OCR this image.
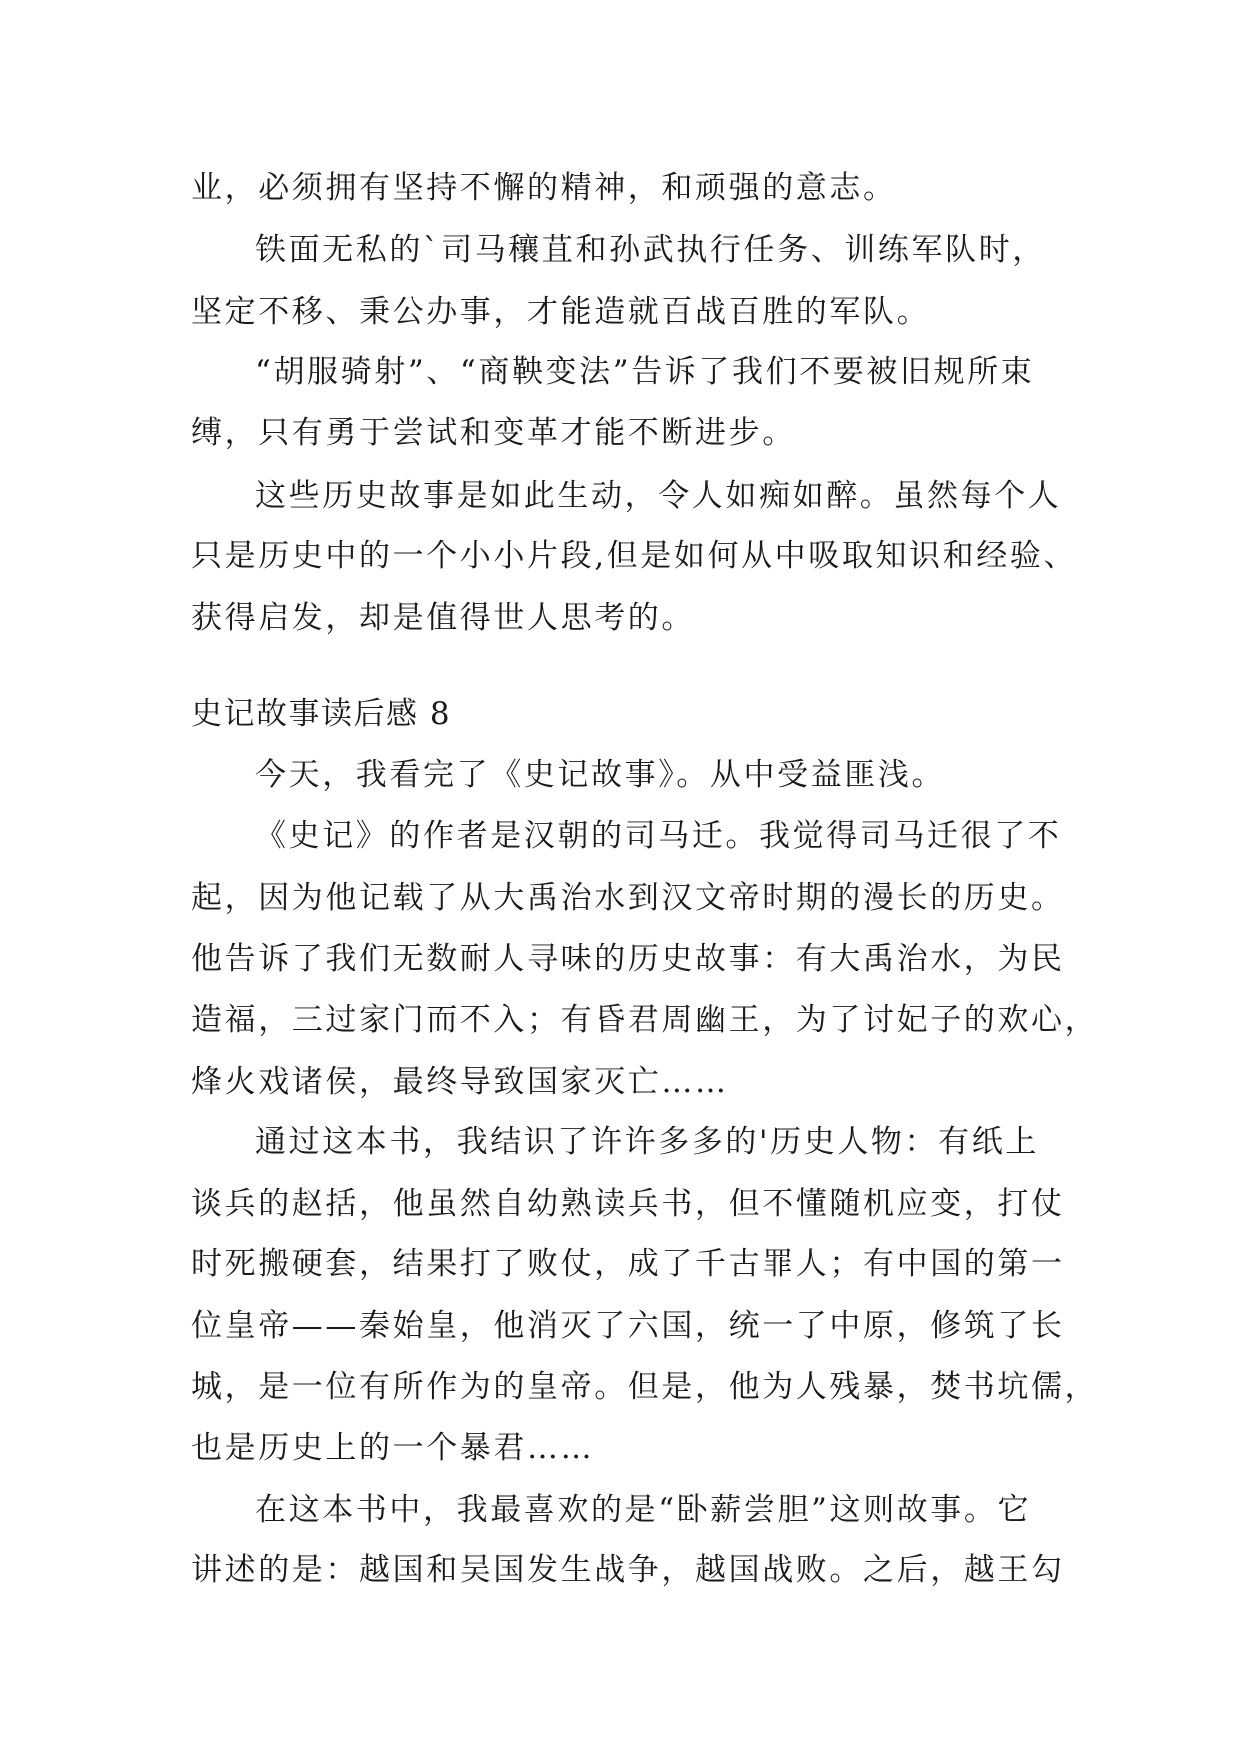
业，必须拥有坚持不懈的精神，和顽强的意志。
铁面无私的`司马穰苴和孙武执行任务、训练军队时，
坚定不移、秉公办事，才能造就百战百胜的军队。
“胡服骑射”、“商鞅变法”告诉了我们不要被旧规所束
缚，只有勇于尝试和变革才能不断进步。
这些历史故事是如此生动，令人如痴如醉。虽然每个人
只是历史中的一个小小片段,但是如何从中吸取知识和经验、
获得启发，却是值得世人思考的。
史记故事读后感 8
今天，我看完了《史记故事》。从中受益匪浅。
《史记》的作者是汉朝的司马迁。我觉得司马迁很了不
起，因为他记载了从大禹治水到汉文帝时期的漫长的历史。
他告诉了我们无数耐人寻味的历史故事：有大禹治水，为民
造福，三过家门而不入；有昏君周幽王，为了讨妃子的欢心，
烽火戏诸侯，最终导致国家灭亡……
通过这本书，我结识了许许多多的'历史人物：有纸上
谈兵的赵括，他虽然自幼熟读兵书，但不懂随机应变，打仗
时死搬硬套，结果打了败仗，成了千古罪人；有中国的第一
位皇帝——秦始皇，他消灭了六国，统一了中原，修筑了长
城，是一位有所作为的皇帝。但是，他为人残暴，焚书坑儒，
也是历史上的一个暴君……
在这本书中，我最喜欢的是“卧薪尝胆”这则故事。它
讲述的是：越国和吴国发生战争，越国战败。之后，越王勾
